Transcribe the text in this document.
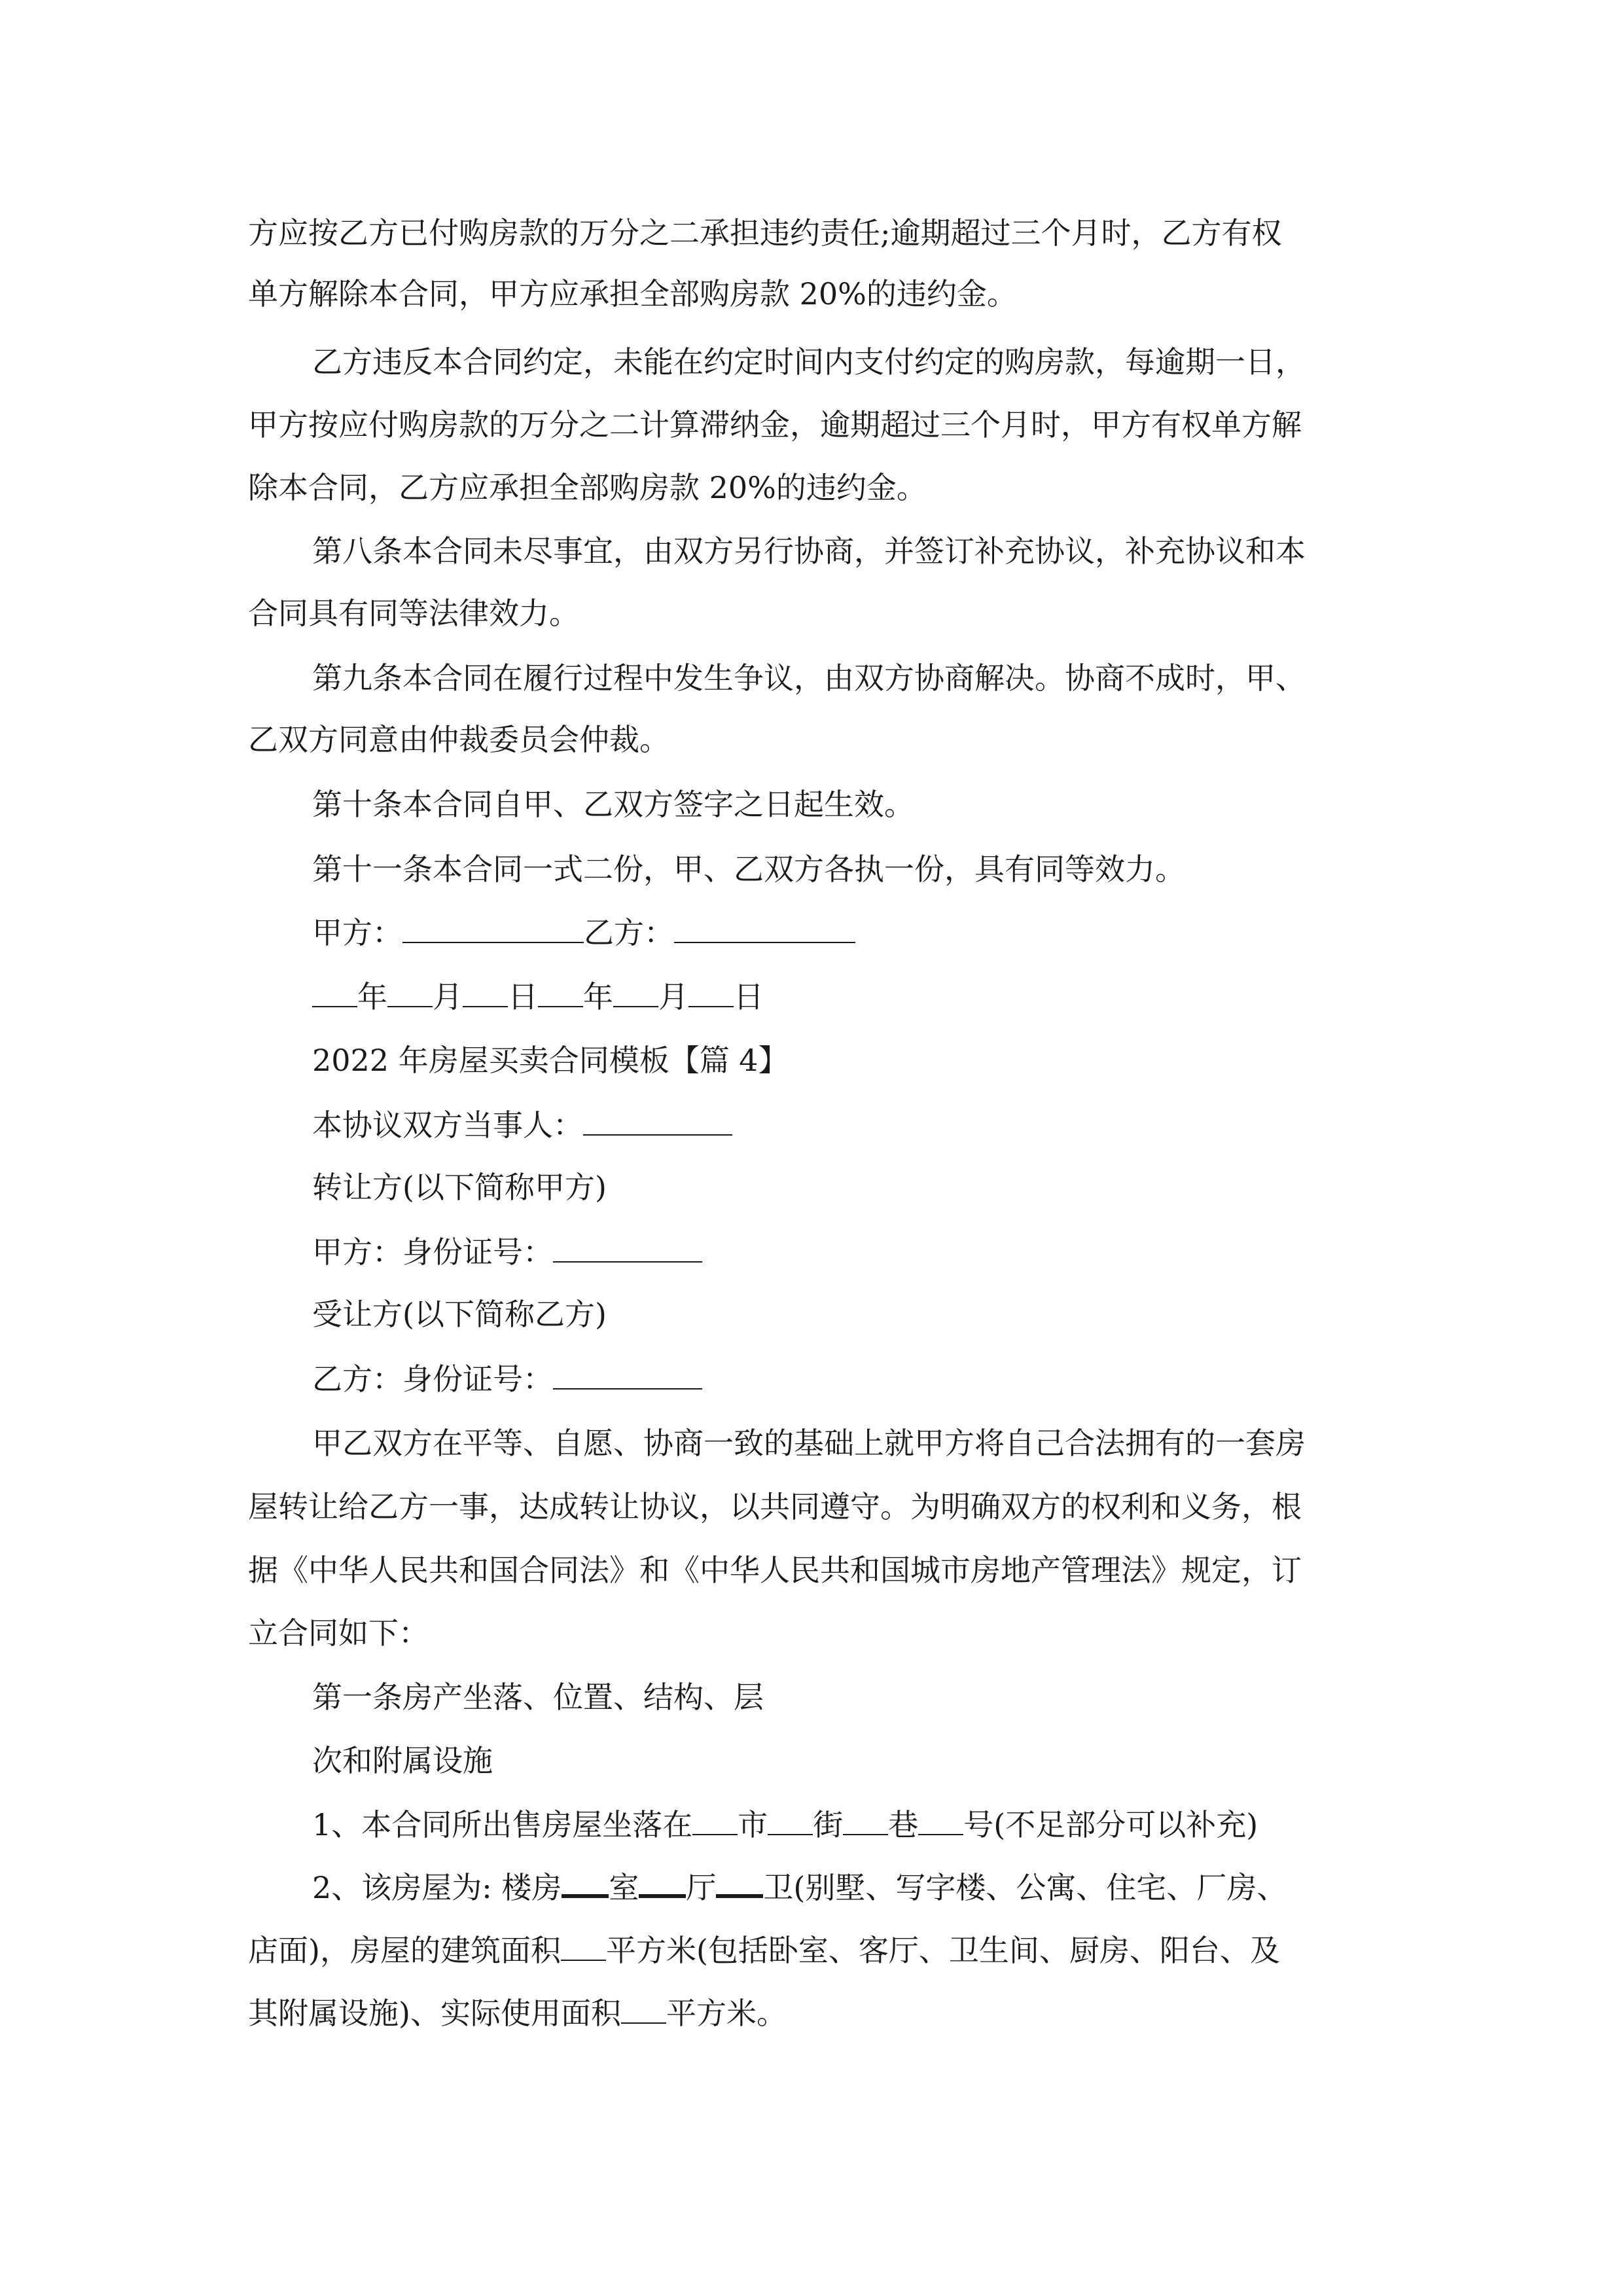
方应按乙方已付购房款的万分之二承担违约责任;逾期超过三个月时，乙方有权
单方解除本合同，甲方应承担全部购房款 20%的违约金。
乙方违反本合同约定，未能在约定时间内支付约定的购房款，每逾期一日，
甲方按应付购房款的万分之二计算滞纳金，逾期超过三个月时，甲方有权单方解
除本合同，乙方应承担全部购房款 20%的违约金。
第八条本合同未尽事宜，由双方另行协商，并签订补充协议，补充协议和本
合同具有同等法律效力。
第九条本合同在履行过程中发生争议，由双方协商解决。协商不成时，甲、
乙双方同意由仲裁委员会仲裁。
第十条本合同自甲、乙双方签字之日起生效。
第十一条本合同一式二份，甲、乙双方各执一份，具有同等效力。
甲方：	乙方：
年 月 日 年 月 日
2022 年房屋买卖合同模板【篇 4】
本协议双方当事人：
转让方(以下简称甲方)
甲方：身份证号：
受让方(以下简称乙方)
乙方：身份证号：
甲乙双方在平等、自愿、协商一致的基础上就甲方将自己合法拥有的一套房
屋转让给乙方一事，达成转让协议，以共同遵守。为明确双方的权利和义务，根
据《中华人民共和国合同法》和《中华人民共和国城市房地产管理法》规定，订
立合同如下：
第一条房产坐落、位置、结构、层
次和附属设施
1、本合同所出售房屋坐落在 市 街 巷 号(不足部分可以补充)
2、该房屋为: 楼房 室 厅 卫(别墅、写字楼、公寓、住宅、厂房、
店面)，房屋的建筑面积 平方米(包括卧室、客厅、卫生间、厨房、阳台、及
其附属设施)、实际使用面积 平方米。
